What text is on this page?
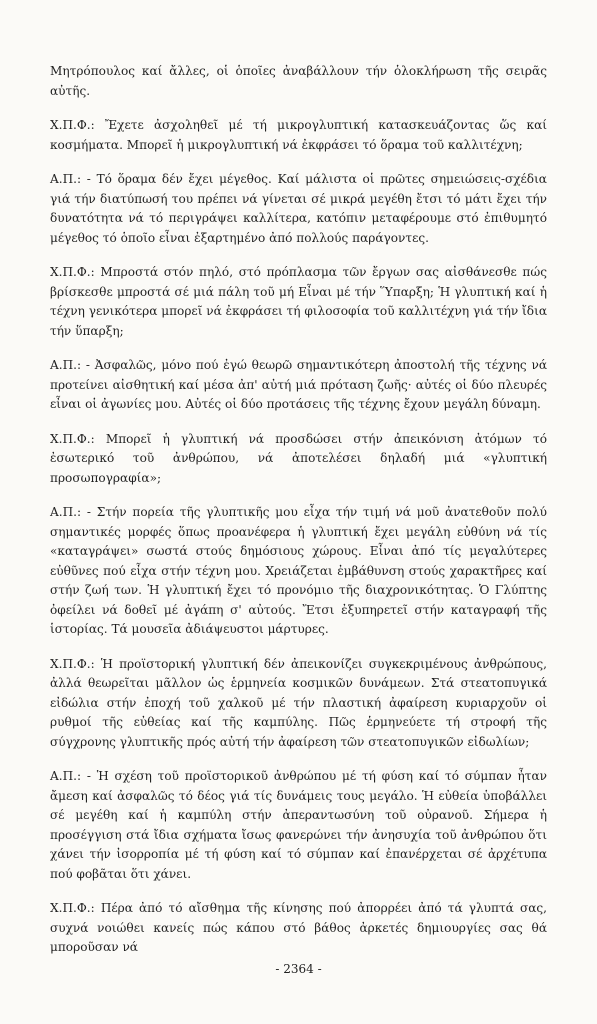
Μητρόπουλος καί ἄλλες, οἱ ὁποῖες ἀναβάλλουν τήν ὁλοκλήρωση τῆς σειρᾶς αὐτῆς.

Χ.Π.Φ.: Ἔχετε ἀσχοληθεῖ μέ τή μικρογλυπτική κατασκευάζοντας ὥς καί κοσμήματα. Μπορεῖ ἡ μικρογλυπτική νά ἐκφράσει τό ὅραμα τοῦ καλλιτέχνη;

Α.Π.: - Τό ὅραμα δέν ἔχει μέγεθος. Καί μάλιστα οἱ πρῶτες σημειώσεις-σχέδια γιά τήν διατύπωσή του πρέπει νά γίνεται σέ μικρά μεγέθη ἔτσι τό μάτι ἔχει τήν δυνατότητα νά τό περιγράψει καλλίτερα, κατόπιν μεταφέρουμε στό ἐπιθυμητό μέγεθος τό ὁποῖο εἶναι ἐξαρτημένο ἀπό πολλούς παράγοντες.

Χ.Π.Φ.: Μπροστά στόν πηλό, στό πρόπλασμα τῶν ἔργων σας αἰσθάνεσθε πώς βρίσκεσθε μπροστά σέ μιά πάλη τοῦ μή Εἶναι μέ τήν Ὕπαρξη; Ἡ γλυπτική καί ἡ τέχνη γενικότερα μπορεῖ νά ἐκφράσει τή φιλοσοφία τοῦ καλλιτέχνη γιά τήν ἴδια τήν ὕπαρξη;

Α.Π.: - Ἀσφαλῶς, μόνο πού ἐγώ θεωρῶ σημαντικότερη ἀποστολή τῆς τέχνης νά προτείνει αἰσθητική καί μέσα ἀπ' αὐτή μιά πρόταση ζωῆς· αὐτές οἱ δύο πλευρές εἶναι οἱ ἀγωνίες μου. Αὐτές οἱ δύο προτάσεις τῆς τέχνης ἔχουν μεγάλη δύναμη.

Χ.Π.Φ.: Μπορεῖ ἡ γλυπτική νά προσδώσει στήν ἀπεικόνιση ἀτόμων τό ἐσωτερικό τοῦ ἀνθρώπου, νά ἀποτελέσει δηλαδή μιά «γλυπτική προσωπογραφία»;

Α.Π.: - Στήν πορεία τῆς γλυπτικῆς μου εἶχα τήν τιμή νά μοῦ ἀνατεθοῦν πολύ σημαντικές μορφές ὅπως προανέφερα ἡ γλυπτική ἔχει μεγάλη εὐθύνη νά τίς «καταγράψει» σωστά στούς δημόσιους χώρους. Εἶναι ἀπό τίς μεγαλύτερες εὐθῦνες πού εἶχα στήν τέχνη μου. Χρειάζεται ἐμβάθυνση στούς χαρακτῆρες καί στήν ζωή των. Ἡ γλυπτική ἔχει τό προνόμιο τῆς διαχρονικότητας. Ὁ Γλύπτης ὀφείλει νά δοθεῖ μέ ἀγάπη σ' αὐτούς. Ἔτσι ἐξυπηρετεῖ στήν καταγραφή τῆς ἱστορίας. Τά μουσεῖα ἀδιάψευστοι μάρτυρες.

Χ.Π.Φ.: Ἡ προϊστορική γλυπτική δέν ἀπεικονίζει συγκεκριμένους ἀνθρώπους, ἀλλά θεωρεῖται μᾶλλον ὡς ἑρμηνεία κοσμικῶν δυνάμεων. Στά στεατοπυγικά εἰδώλια στήν ἐποχή τοῦ χαλκοῦ μέ τήν πλαστική ἀφαίρεση κυριαρχοῦν οἱ ρυθμοί τῆς εὐθείας καί τῆς καμπύλης. Πῶς ἑρμηνεύετε τή στροφή τῆς σύγχρονης γλυπτικῆς πρός αὐτή τήν ἀφαίρεση τῶν στεατοπυγικῶν εἰδωλίων;

Α.Π.: - Ἡ σχέση τοῦ προϊστορικοῦ ἀνθρώπου μέ τή φύση καί τό σύμπαν ἦταν ἄμεση καί ἀσφαλῶς τό δέος γιά τίς δυνάμεις τους μεγάλο. Ἡ εὐθεία ὑποβάλλει σέ μεγέθη καί ἡ καμπύλη στήν ἀπεραντωσύνη τοῦ οὐρανοῦ. Σήμερα ἡ προσέγγιση στά ἴδια σχήματα ἴσως φανερώνει τήν ἀνησυχία τοῦ ἀνθρώπου ὅτι χάνει τήν ἰσορροπία μέ τή φύση καί τό σύμπαν καί ἐπανέρχεται σέ ἀρχέτυπα πού φοβᾶται ὅτι χάνει.

Χ.Π.Φ.: Πέρα ἀπό τό αἴσθημα τῆς κίνησης πού ἀπορρέει ἀπό τά γλυπτά σας, συχνά νοιώθει κανείς πώς κάπου στό βάθος ἀρκετές δημιουργίες σας θά μποροῦσαν νά

- 2364 -
